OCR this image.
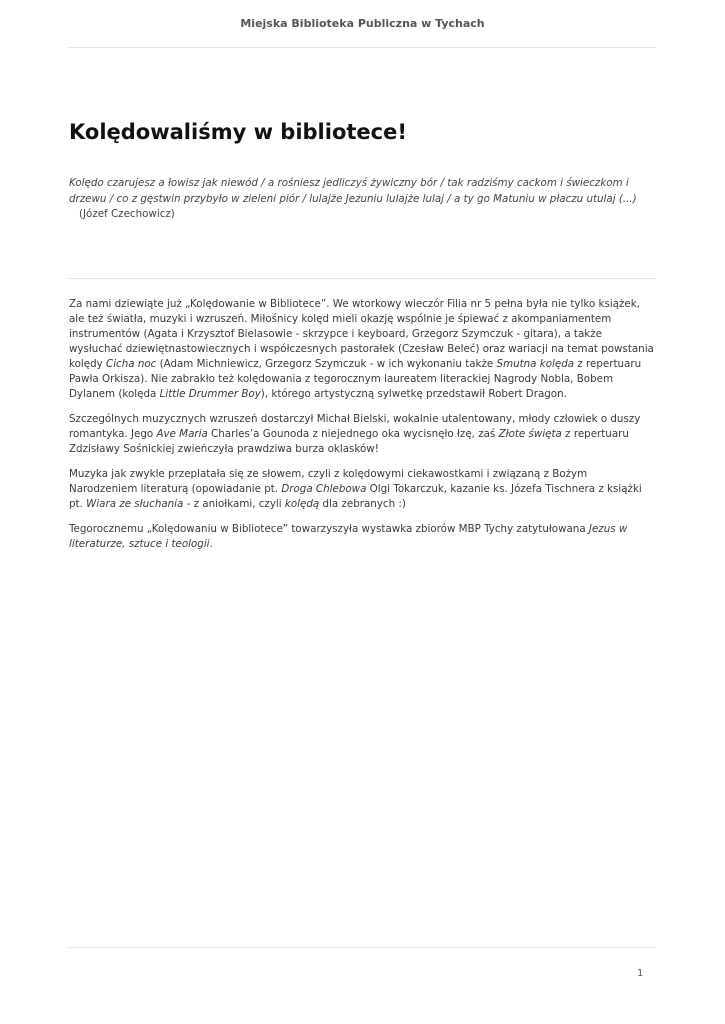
Miejska Biblioteka Publiczna w Tychach
Kolędowaliśmy w bibliotece!

Kolędo czarujesz a łowisz jak niewód / a rośniesz jedliczyś żywiczny bór / tak radziśmy cackom i świeczkom i drzewu / co z gęstwin przybyło w zieleni piór / lulajże Jezuniu lulajże lulaj / a ty go Matuniu w płaczu utulaj (...)(Józef Czechowicz)

Za nami dziewiąte już „Kolędowanie w Bibliotece”. We wtorkowy wieczór Filia nr 5 pełna była nie tylko książek, ale też światła, muzyki i wzruszeń. Miłośnicy kolęd mieli okazję wspólnie je śpiewać z akompaniamentem instrumentów (Agata i Krzysztof Bielasowie - skrzypce i keyboard, Grzegorz Szymczuk - gitara), a także wysłuchać dziewiętnastowiecznych i współczesnych pastorałek (Czesław Beleć) oraz wariacji na temat powstania kolędy Cicha noc (Adam Michniewicz, Grzegorz Szymczuk - w ich wykonaniu także Smutna kolęda z repertuaru Pawła Orkisza). Nie zabrakło też kolędowania z tegorocznym laureatem literackiej Nagrody Nobla, Bobem Dylanem (kolęda Little Drummer Boy), którego artystyczną sylwetkę przedstawił Robert Dragon.

Szczególnych muzycznych wzruszeń dostarczył Michał Bielski, wokalnie utalentowany, młody człowiek o duszy romantyka. Jego Ave Maria Charles’a Gounoda z niejednego oka wycisnęło łzę, zaś Złote święta z repertuaru Zdzisławy Sośnickiej zwieńczyła prawdziwa burza oklasków!

Muzyka jak zwykle przeplatała się ze słowem, czyli z kolędowymi ciekawostkami i związaną z Bożym Narodzeniem literaturą (opowiadanie pt. Droga Chlebowa Olgi Tokarczuk, kazanie ks. Józefa Tischnera z książki pt. Wiara ze słuchania - z aniołkami, czyli kolędą dla zebranych :)

Tegorocznemu „Kolędowaniu w Bibliotece” towarzyszyła wystawka zbiorów MBP Tychy zatytułowana Jezus w literaturze, sztuce i teologii.

1
